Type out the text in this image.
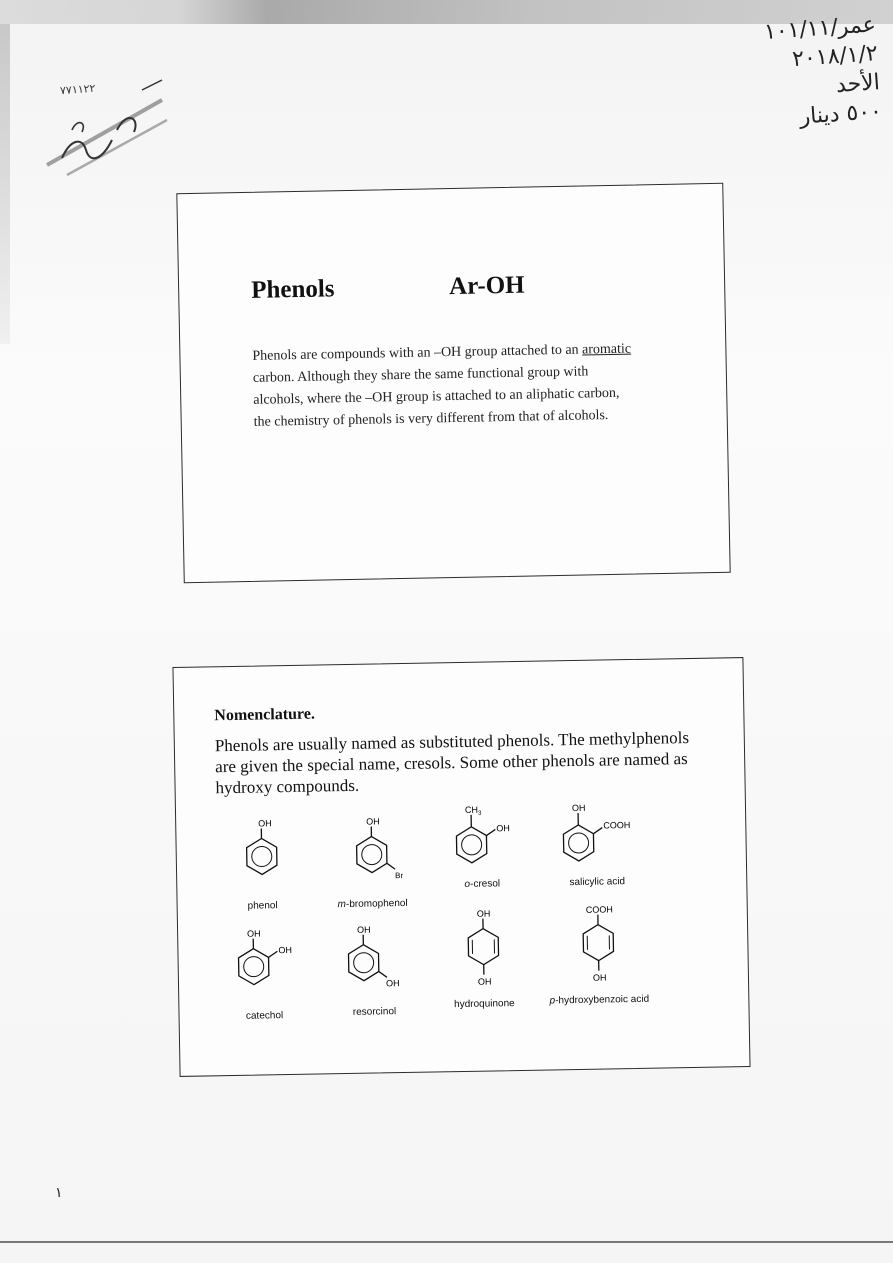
٧٧١١٢٢
عمر/١٠١/١١
٢٠١٨/١/٢
الأحد
٥٠٠ دينار
Phenols	Ar-OH
Phenols are compounds with an –OH group attached to an aromatic carbon. Although they share the same functional group with alcohols, where the –OH group is attached to an aliphatic carbon, the chemistry of phenols is very different from that of alcohols.
Nomenclature.
Phenols are usually named as substituted phenols. The methylphenols are given the special name, cresols. Some other phenols are named as hydroxy compounds.
OH
phenol
OH
Br
m-bromophenol
$CH_3$
OH
o-cresol
OH
COOH
salicylic acid
OH
OH
catechol
OH
OH
resorcinol
OH
OH
hydroquinone
COOH
OH
p-hydroxybenzoic acid
١
